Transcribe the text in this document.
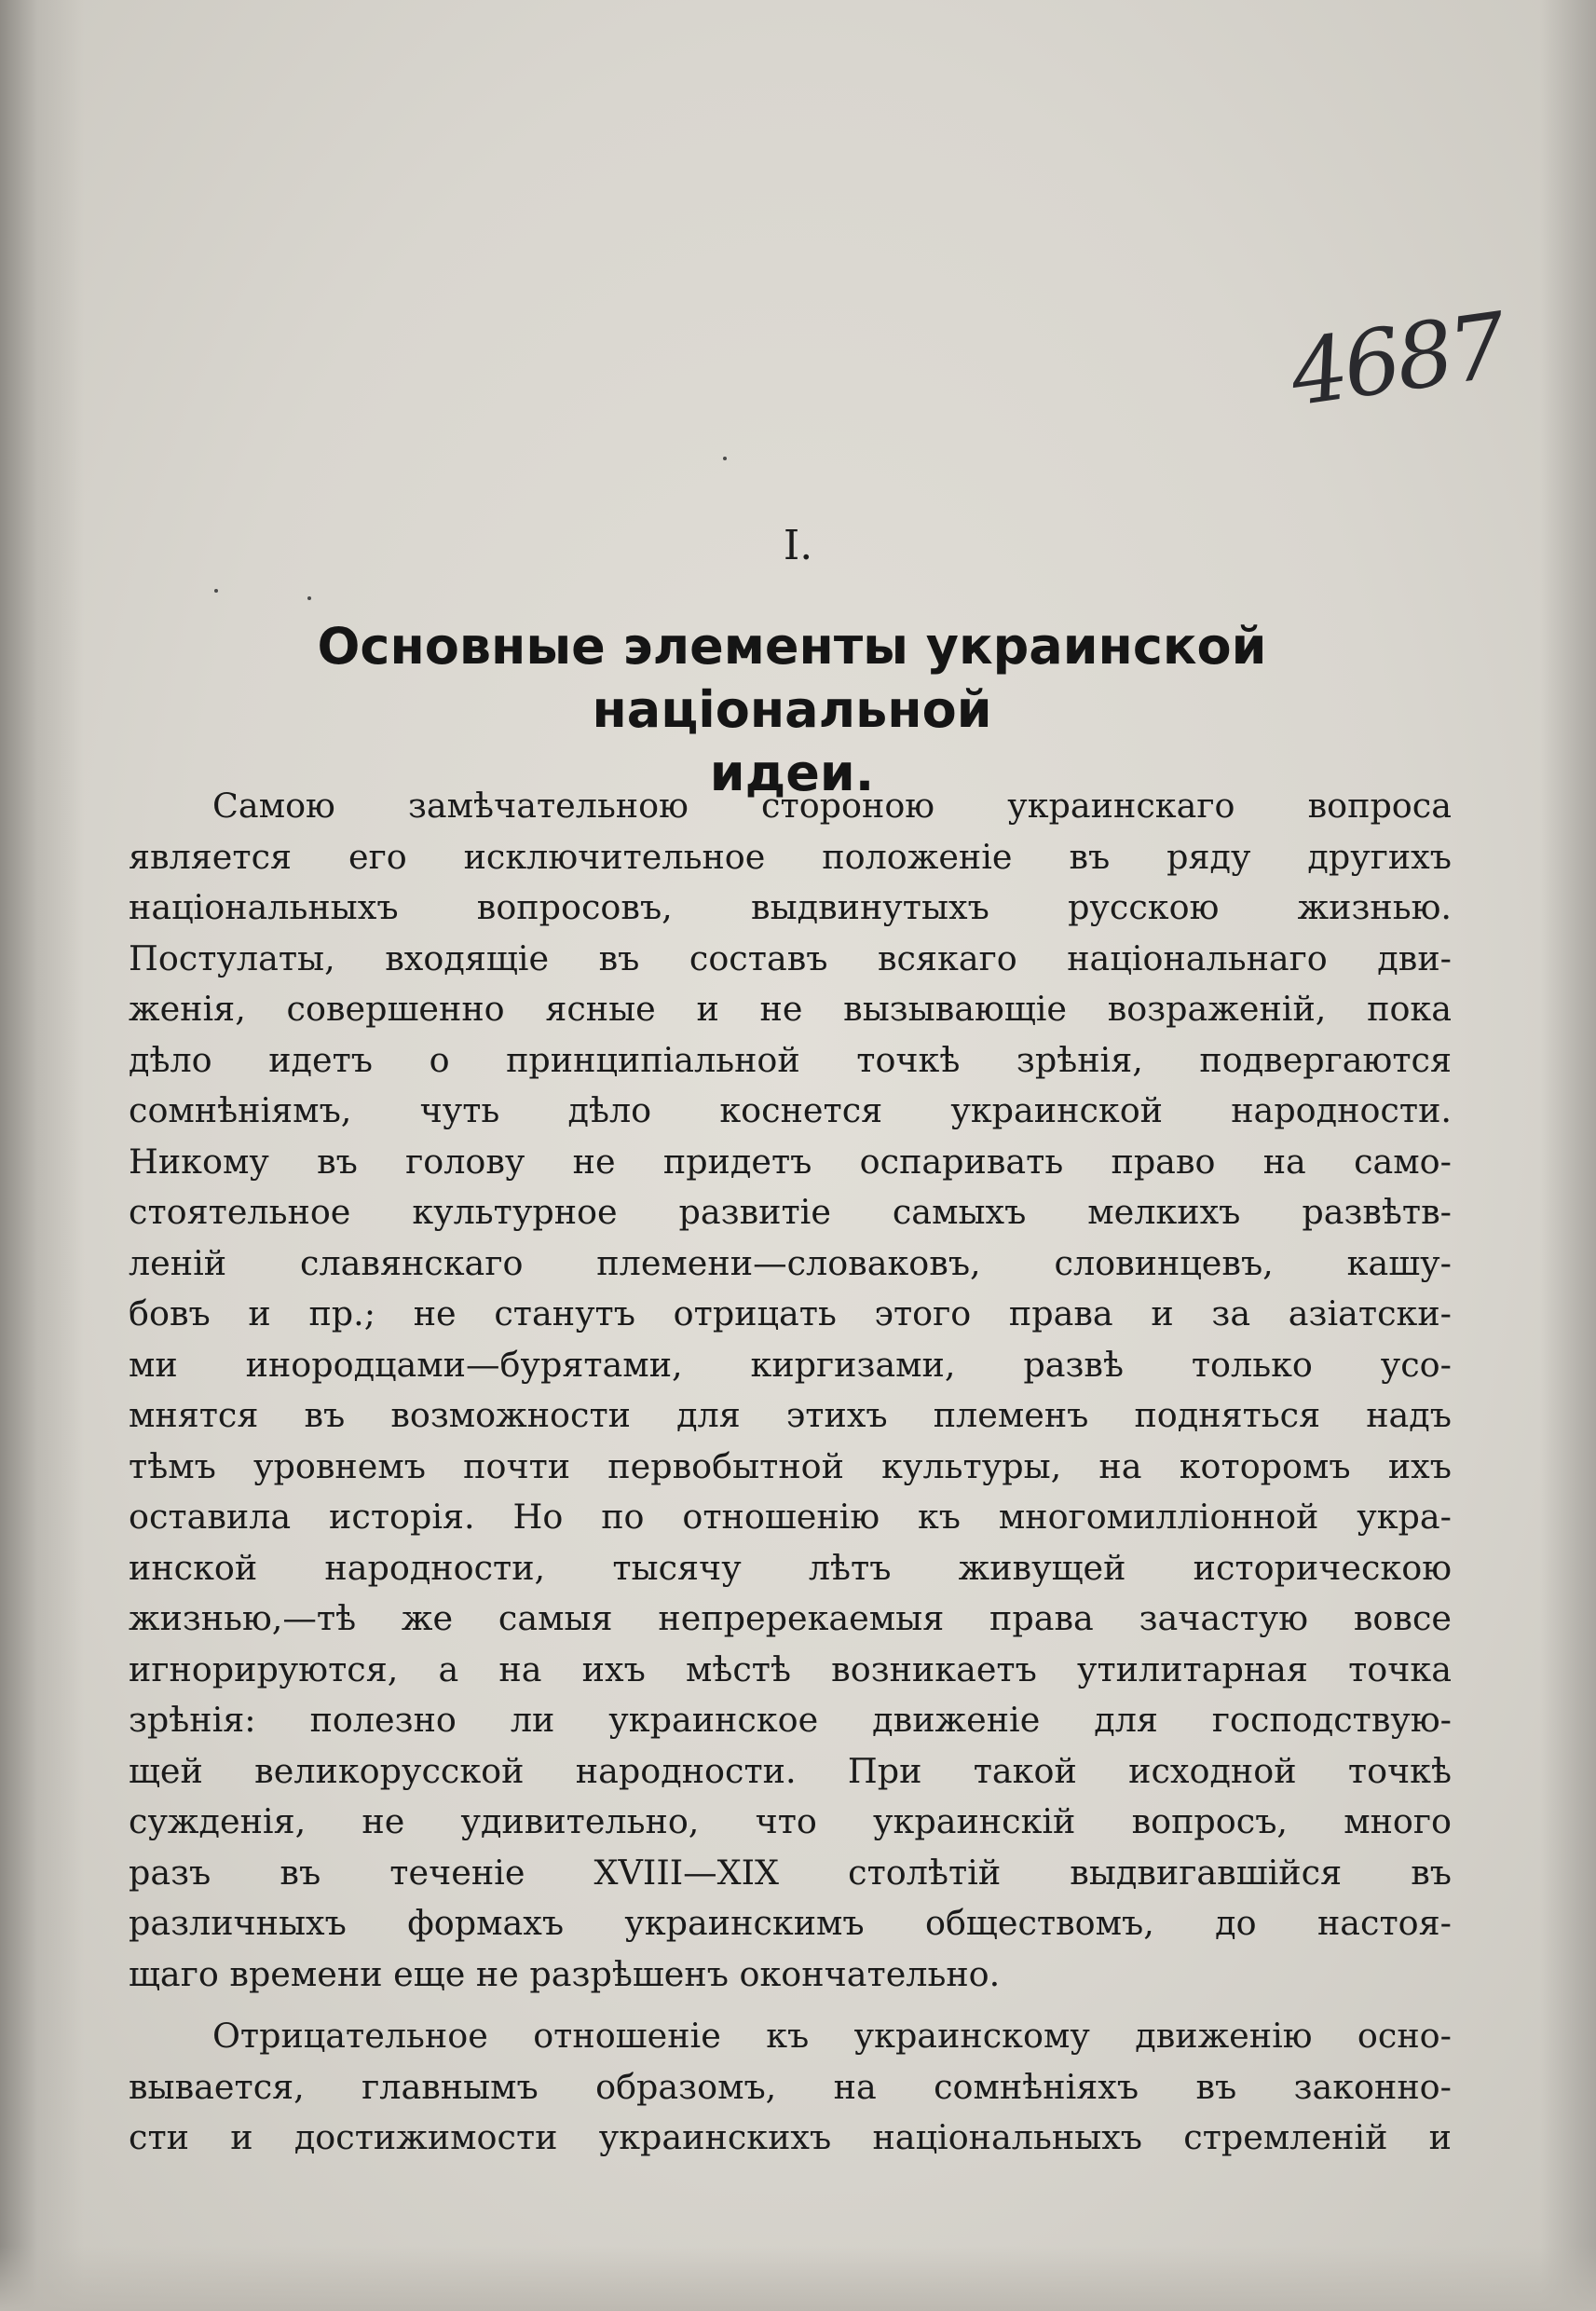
4687
I.
Основные элементы украинской національной
идеи.
Самою замѣчательною стороною украинскаго вопроса
является его исключительное положеніе въ ряду другихъ
національныхъ вопросовъ, выдвинутыхъ русскою жизнью.
Постулаты, входящіе въ составъ всякаго національнаго дви-
женія, совершенно ясные и не вызывающіе возраженій, пока
дѣло идетъ о принципіальной точкѣ зрѣнія, подвергаются
сомнѣніямъ, чуть дѣло коснется украинской народности.
Никому въ голову не придетъ оспаривать право на само-
стоятельное культурное развитіе самыхъ мелкихъ развѣтв-
леній славянскаго племени—словаковъ, словинцевъ, кашу-
бовъ и пр.; не станутъ отрицать этого права и за азіатски-
ми инородцами—бурятами, киргизами, развѣ только усо-
мнятся въ возможности для этихъ племенъ подняться надъ
тѣмъ уровнемъ почти первобытной культуры, на которомъ ихъ
оставила исторія. Но по отношенію къ многомилліонной укра-
инской народности, тысячу лѣтъ живущей историческою
жизнью,—тѣ же самыя непререкаемыя права зачастую вовсе
игнорируются, а на ихъ мѣстѣ возникаетъ утилитарная точка
зрѣнія: полезно ли украинское движеніе для господствую-
щей великорусской народности. При такой исходной точкѣ
сужденія, не удивительно, что украинскій вопросъ, много
разъ въ теченіе XVIII—XIX столѣтій выдвигавшійся въ
различныхъ формахъ украинскимъ обществомъ, до настоя-
щаго времени еще не разрѣшенъ окончательно.
Отрицательное отношеніе къ украинскому движенію осно-
вывается, главнымъ образомъ, на сомнѣніяхъ въ законно-
сти и достижимости украинскихъ національныхъ стремленій и
